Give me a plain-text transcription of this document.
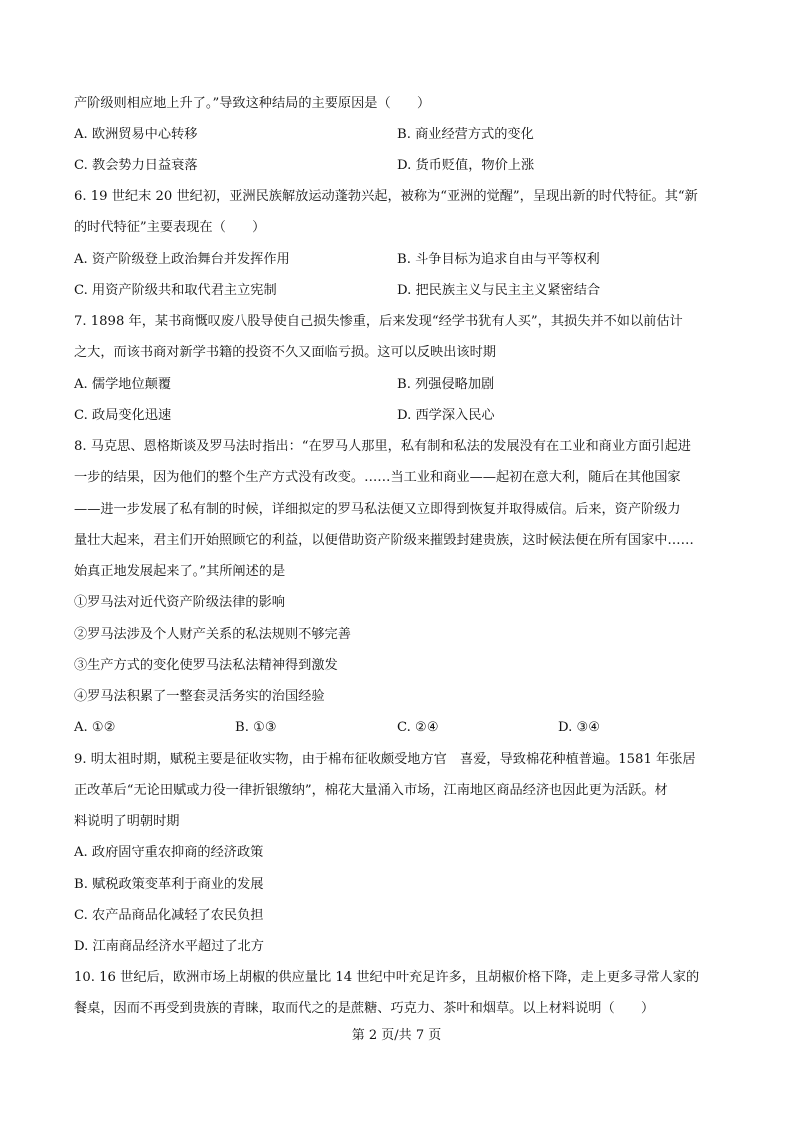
产阶级则相应地上升了。”导致这种结局的主要原因是（　　）
A. 欧洲贸易中心转移	B. 商业经营方式的变化
C. 教会势力日益衰落	D. 货币贬值，物价上涨
6. 19 世纪末 20 世纪初，亚洲民族解放运动蓬勃兴起，被称为“亚洲的觉醒”，呈现出新的时代特征。其“新
的时代特征”主要表现在（　　）
A. 资产阶级登上政治舞台并发挥作用	B. 斗争目标为追求自由与平等权利
C. 用资产阶级共和取代君主立宪制	D. 把民族主义与民主主义紧密结合
7. 1898 年，某书商慨叹废八股导使自己损失惨重，后来发现“经学书犹有人买”，其损失并不如以前估计
之大，而该书商对新学书籍的投资不久又面临亏损。这可以反映出该时期
A. 儒学地位颠覆	B. 列强侵略加剧
C. 政局变化迅速	D. 西学深入民心
8. 马克思、恩格斯谈及罗马法时指出：“在罗马人那里，私有制和私法的发展没有在工业和商业方面引起进
一步的结果，因为他们的整个生产方式没有改变。……当工业和商业——起初在意大利，随后在其他国家
——进一步发展了私有制的时候，详细拟定的罗马私法便又立即得到恢复并取得威信。后来，资产阶级力
量壮大起来，君主们开始照顾它的利益，以便借助资产阶级来摧毁封建贵族，这时候法便在所有国家中……
始真正地发展起来了。”其所阐述的是
①罗马法对近代资产阶级法律的影响
②罗马法涉及个人财产关系的私法规则不够完善
③生产方式的变化使罗马法私法精神得到激发
④罗马法积累了一整套灵活务实的治国经验
A. ①②	B. ①③	C. ②④	D. ③④
9. 明太祖时期，赋税主要是征收实物，由于棉布征收颇受地方官　喜爱，导致棉花种植普遍。1581 年张居
正改革后“无论田赋或力役一律折银缴纳”，棉花大量涌入市场，江南地区商品经济也因此更为活跃。材
料说明了明朝时期
A. 政府固守重农抑商的经济政策
B. 赋税政策变革利于商业的发展
C. 农产品商品化减轻了农民负担
D. 江南商品经济水平超过了北方
10. 16 世纪后，欧洲市场上胡椒的供应量比 14 世纪中叶充足许多，且胡椒价格下降，走上更多寻常人家的
餐桌，因而不再受到贵族的青睐，取而代之的是蔗糖、巧克力、茶叶和烟草。以上材料说明（　　）
第 2 页/共 7 页
